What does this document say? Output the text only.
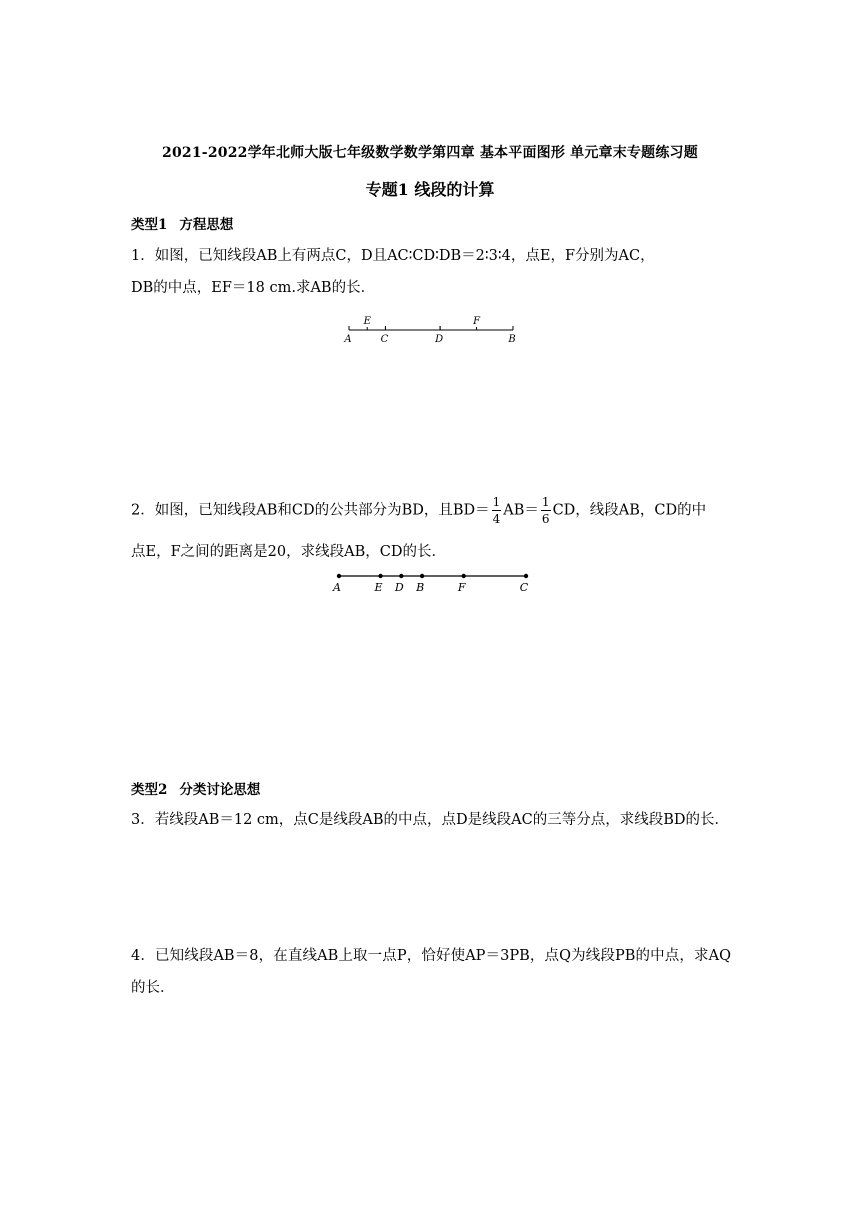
2021-2022学年北师大版七年级数学数学第四章 基本平面图形 单元章末专题练习题
专题1 线段的计算
类型1 方程思想
1．如图，已知线段AB上有两点C，D且AC∶CD∶DB＝2∶3∶4，点E，F分别为AC，
DB的中点，EF＝18 cm.求AB的长．
A
E
C	D
F
B
2．如图，已知线段AB和CD的公共部分为BD，且$BD= \frac{1}{4} AB= \frac{1}{6}$ CD，线段AB，CD的中
点E，F之间的距离是20，求线段AB，CD的长．
A	E D B	F	C
类型2 分类讨论思想
3．若线段AB＝12 cm，点C是线段AB的中点，点D是线段AC的三等分点，求线段BD的长．
4．已知线段AB＝8，在直线AB上取一点P，恰好使AP＝3PB，点Q为线段PB的中点，求AQ的长．
